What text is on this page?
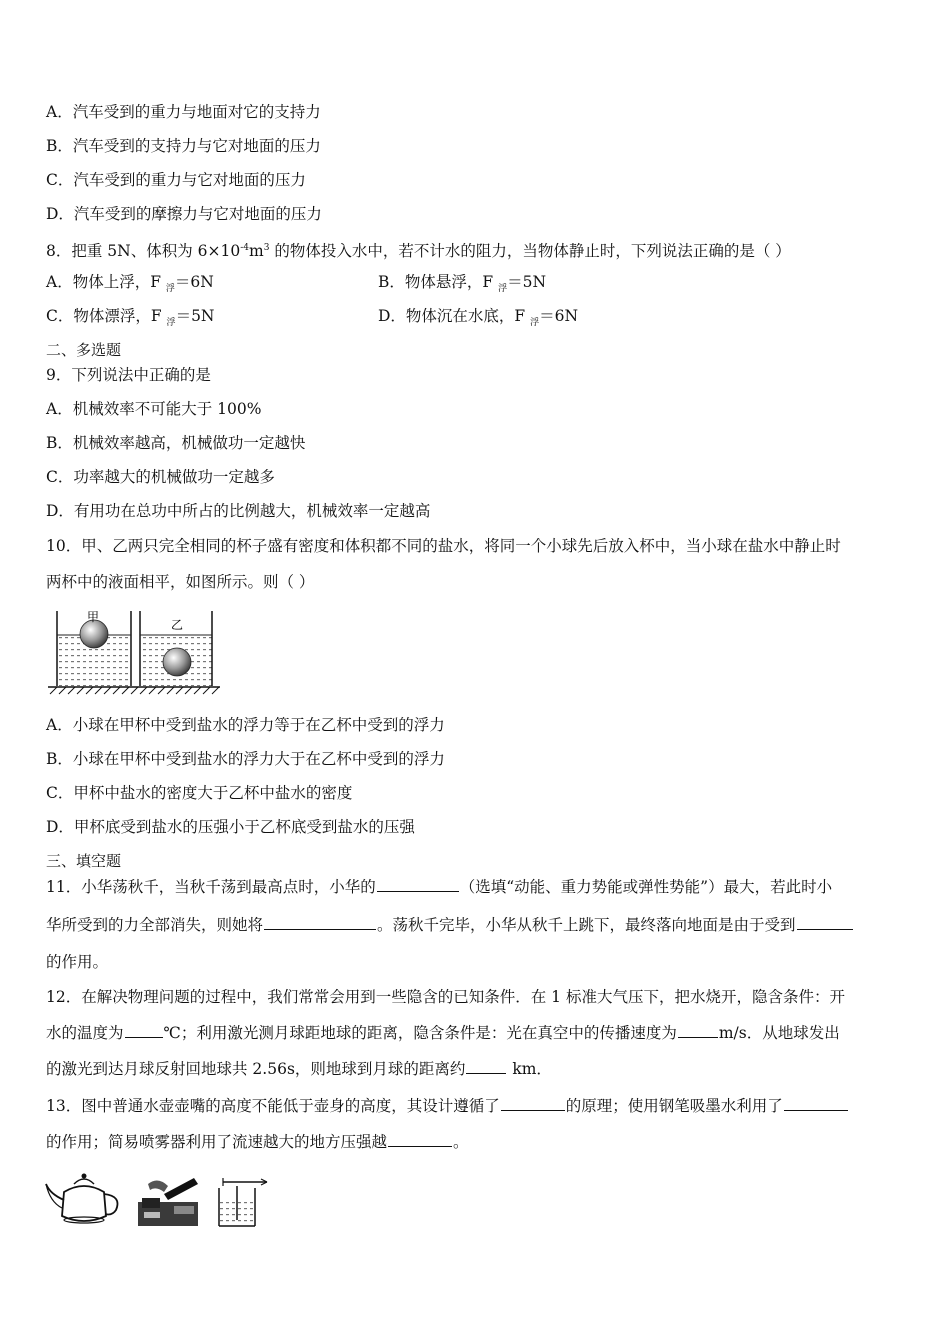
A．汽车受到的重力与地面对它的支持力
B．汽车受到的支持力与它对地面的压力
C．汽车受到的重力与它对地面的压力
D．汽车受到的摩擦力与它对地面的压力
8．把重 5N、体积为 $6\times 10^{-4}m^3$ 的物体投入水中，若不计水的阻力，当物体静止时，下列说法正确的是（ ）
A．物体上浮，F $_浮$＝6N	B．物体悬浮，F $_浮$＝5N
C．物体漂浮，F $_浮$＝5N	D．物体沉在水底，F $_浮$＝6N
二、多选题
9．下列说法中正确的是
A．机械效率不可能大于 100%
B．机械效率越高，机械做功一定越快
C．功率越大的机械做功一定越多
D．有用功在总功中所占的比例越大，机械效率一定越高
10．甲、乙两只完全相同的杯子盛有密度和体积都不同的盐水，将同一个小球先后放入杯中，当小球在盐水中静止时
两杯中的液面相平，如图所示。则（ ）
甲
乙
A．小球在甲杯中受到盐水的浮力等于在乙杯中受到的浮力
B．小球在甲杯中受到盐水的浮力大于在乙杯中受到的浮力
C．甲杯中盐水的密度大于乙杯中盐水的密度
D．甲杯底受到盐水的压强小于乙杯底受到盐水的压强
三、填空题
11．小华荡秋千，当秋千荡到最高点时，小华的	（选填“动能、重力势能或弹性势能”）最大，若此时小
华所受到的力全部消失，则她将	。荡秋千完毕，小华从秋千上跳下，最终落向地面是由于受到
的作用。
12．在解决物理问题的过程中，我们常常会用到一些隐含的已知条件．在 1 标准大气压下，把水烧开，隐含条件：开
水的温度为	℃；利用激光测月球距地球的距离，隐含条件是：光在真空中的传播速度为	m/s．从地球发出
的激光到达月球反射回地球共 2.56s，则地球到月球的距离约	km．
13．图中普通水壶壶嘴的高度不能低于壶身的高度，其设计遵循了	的原理；使用钢笔吸墨水利用了
的作用；简易喷雾器利用了流速越大的地方压强越	。
